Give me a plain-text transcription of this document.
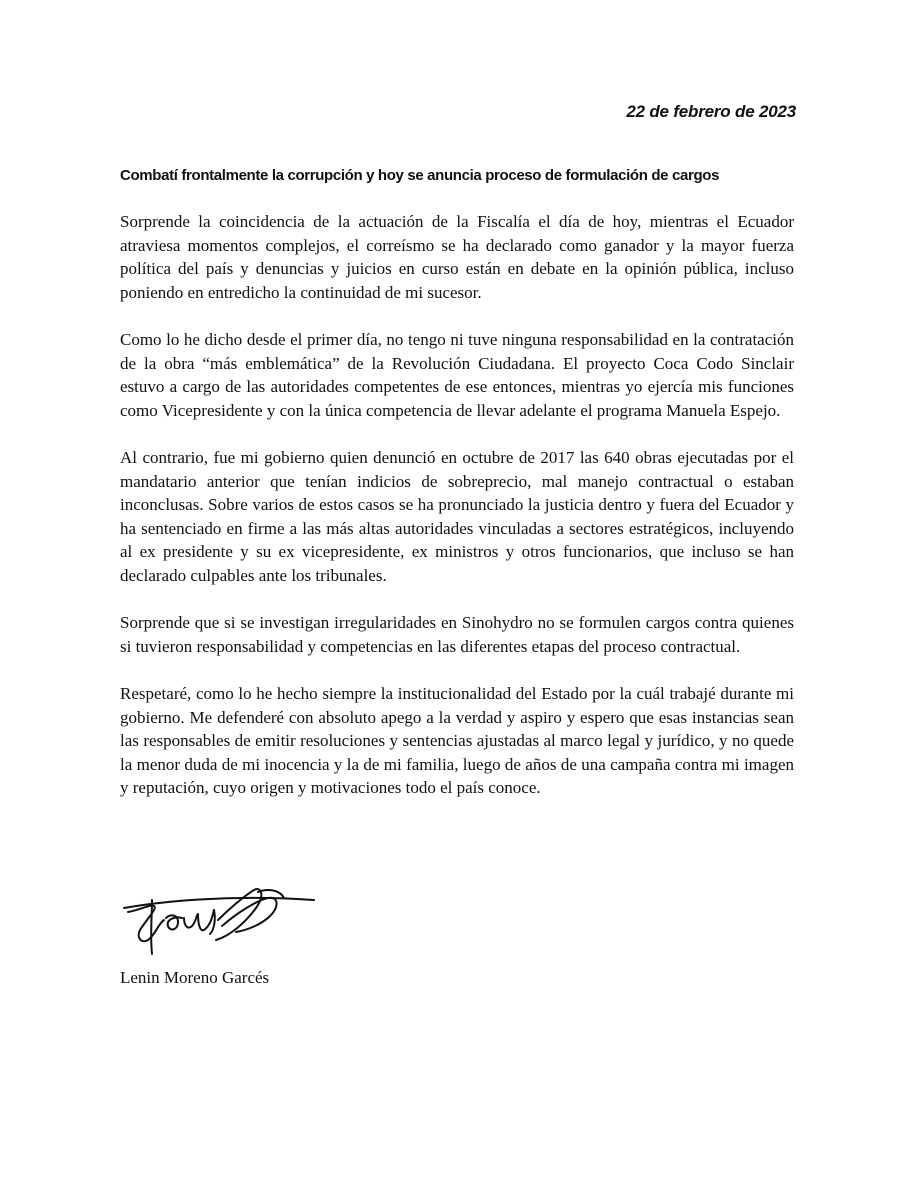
22 de febrero de 2023
Combatí frontalmente la corrupción y hoy se anuncia proceso de formulación de cargos

Sorprende la coincidencia de la actuación de la Fiscalía el día de hoy, mientras el Ecuador atraviesa momentos complejos, el correísmo se ha declarado como ganador y la mayor fuerza política del país y denuncias y juicios en curso están en debate en la opinión pública, incluso poniendo en entredicho la continuidad de mi sucesor.

Como lo he dicho desde el primer día, no tengo ni tuve ninguna responsabilidad en la contratación de la obra “más emblemática” de la Revolución Ciudadana. El proyecto Coca Codo Sinclair estuvo a cargo de las autoridades competentes de ese entonces, mientras yo ejercía mis funciones como Vicepresidente y con la única competencia de llevar adelante el programa Manuela Espejo.

Al contrario, fue mi gobierno quien denunció en octubre de 2017 las 640 obras ejecutadas por el mandatario anterior que tenían indicios de sobreprecio, mal manejo contractual o estaban inconclusas. Sobre varios de estos casos se ha pronunciado la justicia dentro y fuera del Ecuador y ha sentenciado en firme a las más altas autoridades vinculadas a sectores estratégicos, incluyendo al ex presidente y su ex vicepresidente, ex ministros y otros funcionarios, que incluso se han declarado culpables ante los tribunales.

Sorprende que si se investigan irregularidades en Sinohydro no se formulen cargos contra quienes si tuvieron responsabilidad y competencias en las diferentes etapas del proceso contractual.

Respetaré, como lo he hecho siempre la institucionalidad del Estado por la cuál trabajé durante mi gobierno. Me defenderé con absoluto apego a la verdad y aspiro y espero que esas instancias sean las responsables de emitir resoluciones y sentencias ajustadas al marco legal y jurídico, y no quede la menor duda de mi inocencia y la de mi familia, luego de años de una campaña contra mi imagen y reputación, cuyo origen y motivaciones todo el país conoce.

Lenin Moreno Garcés
